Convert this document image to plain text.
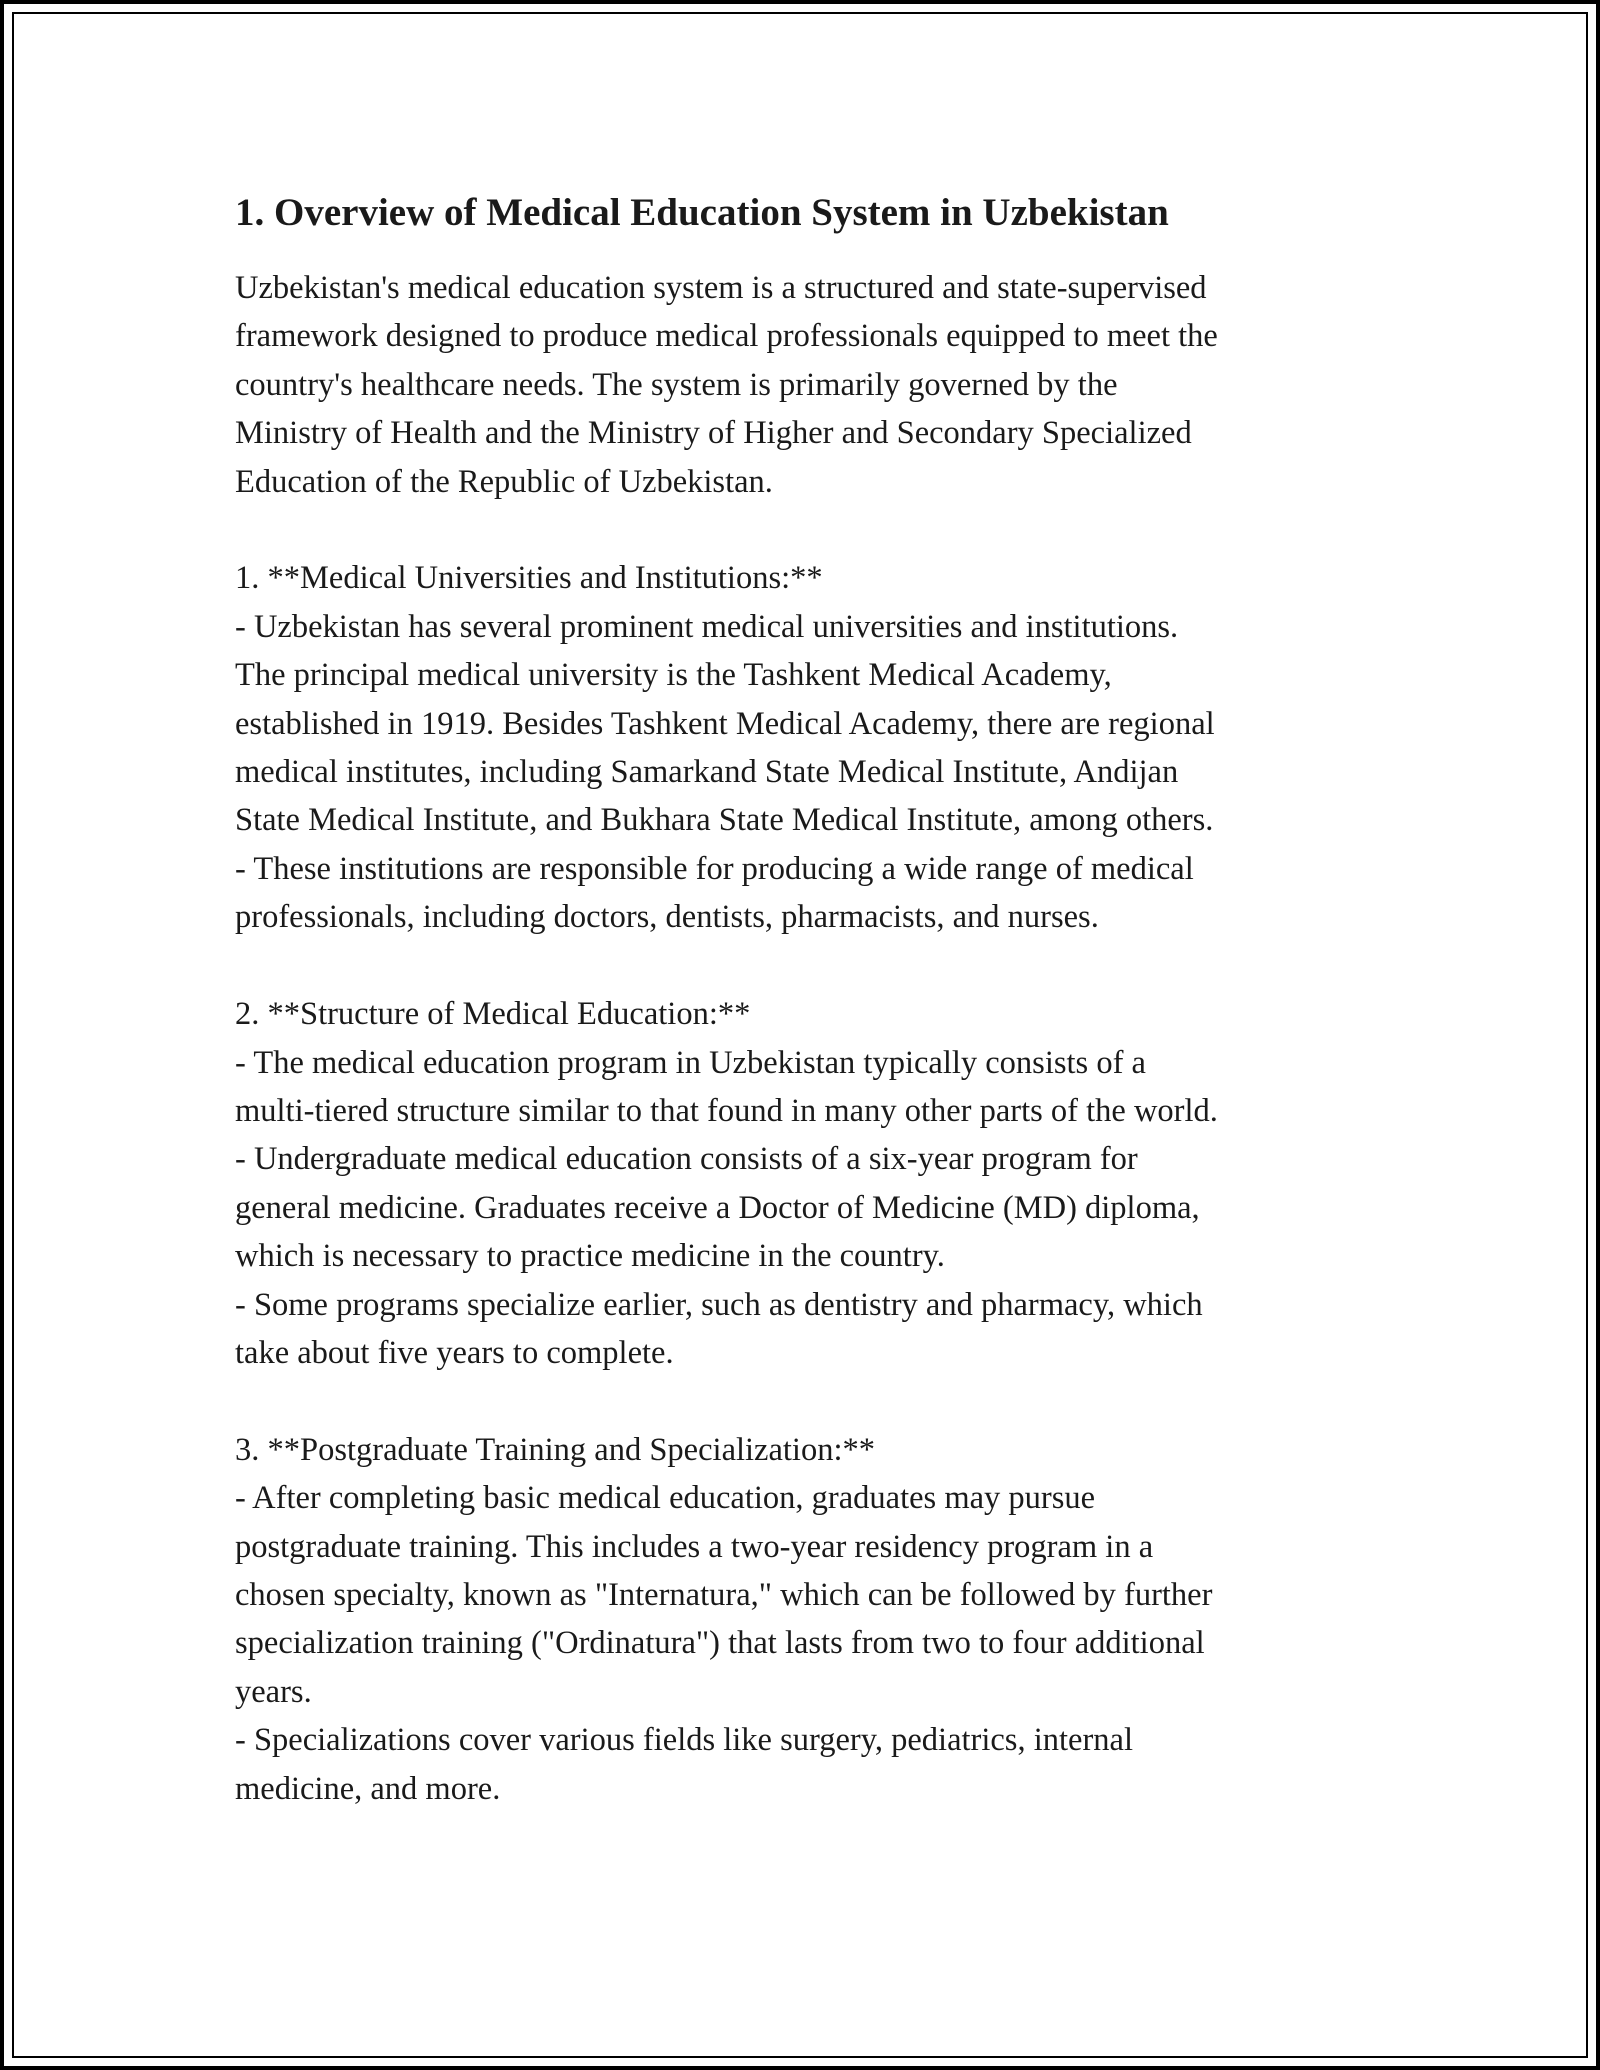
1. Overview of Medical Education System in Uzbekistan

Uzbekistan's medical education system is a structured and state-supervised
framework designed to produce medical professionals equipped to meet the
country's healthcare needs. The system is primarily governed by the
Ministry of Health and the Ministry of Higher and Secondary Specialized
Education of the Republic of Uzbekistan.

1. **Medical Universities and Institutions:**

- Uzbekistan has several prominent medical universities and institutions.
The principal medical university is the Tashkent Medical Academy,
established in 1919. Besides Tashkent Medical Academy, there are regional
medical institutes, including Samarkand State Medical Institute, Andijan
State Medical Institute, and Bukhara State Medical Institute, among others.

- These institutions are responsible for producing a wide range of medical
professionals, including doctors, dentists, pharmacists, and nurses.

2. **Structure of Medical Education:**

- The medical education program in Uzbekistan typically consists of a
multi-tiered structure similar to that found in many other parts of the world.

- Undergraduate medical education consists of a six-year program for
general medicine. Graduates receive a Doctor of Medicine (MD) diploma,
which is necessary to practice medicine in the country.

- Some programs specialize earlier, such as dentistry and pharmacy, which
take about five years to complete.

3. **Postgraduate Training and Specialization:**

- After completing basic medical education, graduates may pursue
postgraduate training. This includes a two-year residency program in a
chosen specialty, known as "Internatura," which can be followed by further
specialization training ("Ordinatura") that lasts from two to four additional
years.

- Specializations cover various fields like surgery, pediatrics, internal
medicine, and more.
